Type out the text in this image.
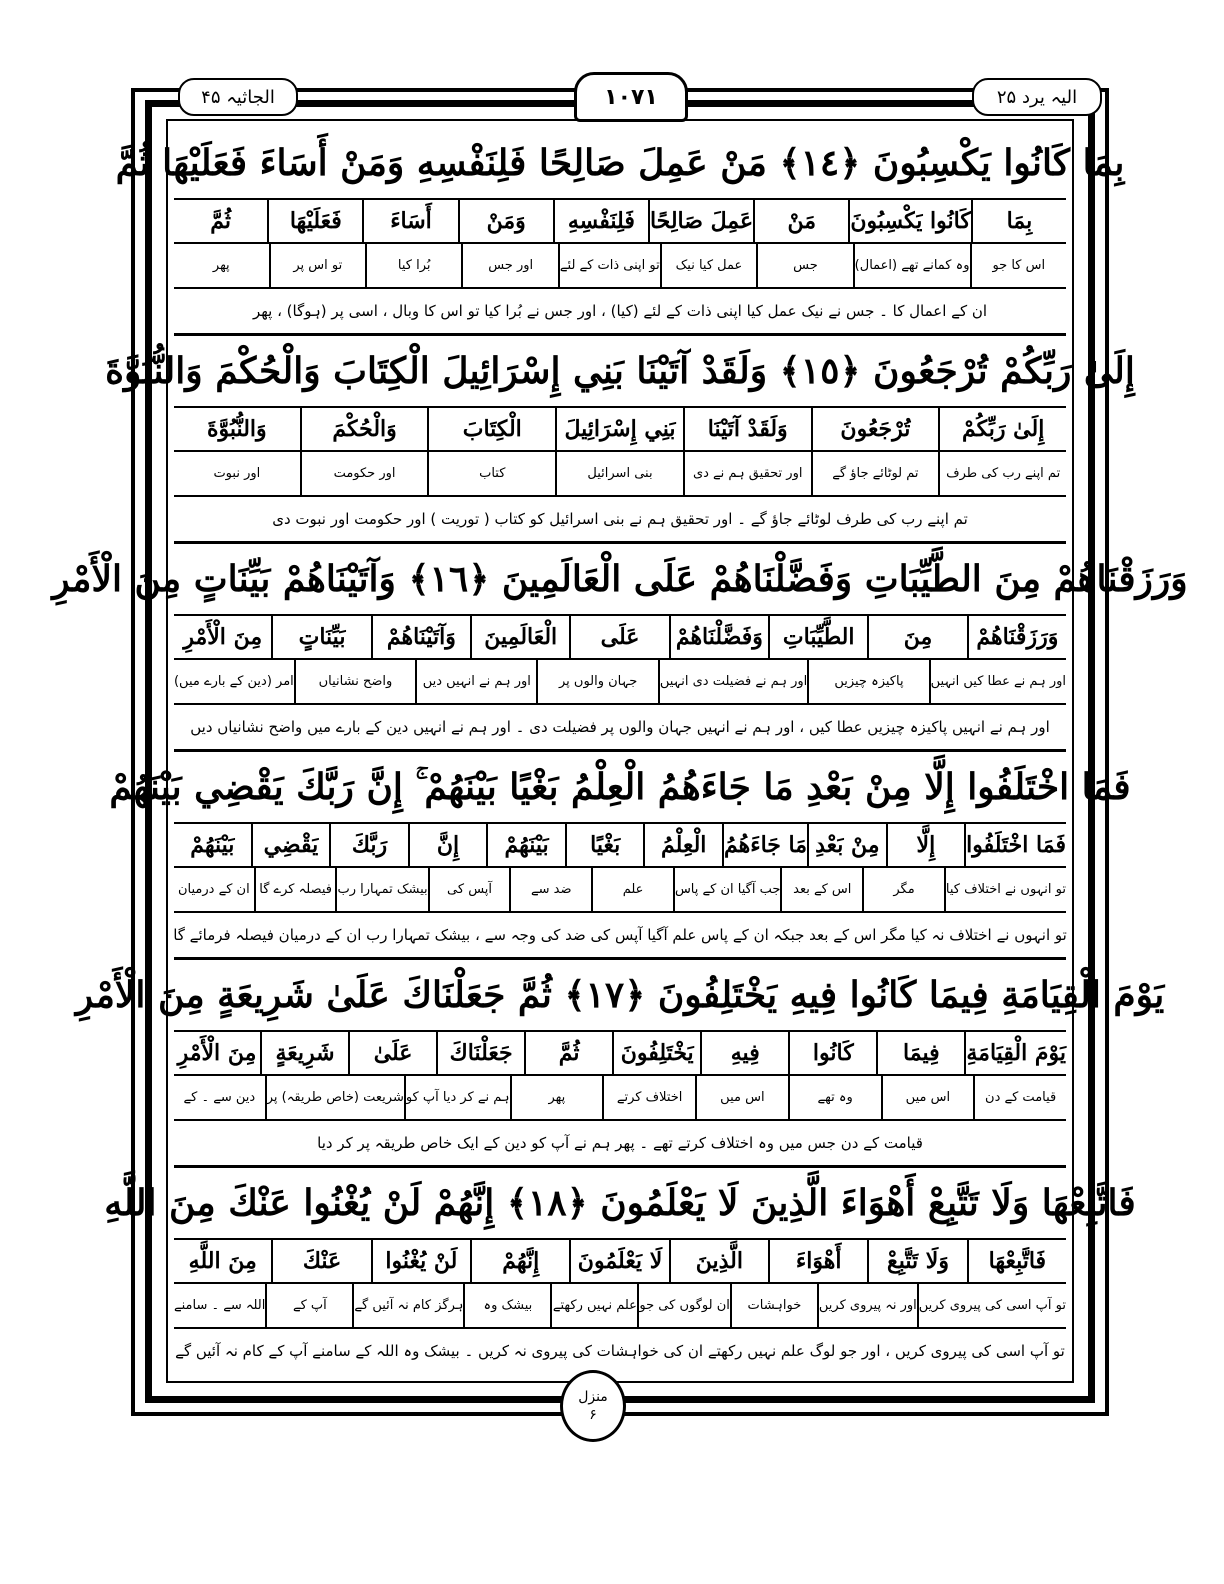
الجاثیہ ۴۵	۱۰۷۱	الیہ یرد ۲۵
بِمَا كَانُوا يَكْسِبُونَ ﴿١٤﴾ مَنْ عَمِلَ صَالِحًا فَلِنَفْسِهِ وَمَنْ أَسَاءَ فَعَلَيْهَا ثُمَّ
بِمَا
كَانُوا يَكْسِبُونَ
مَنْ
عَمِلَ صَالِحًا
فَلِنَفْسِهِ
وَمَنْ
أَسَاءَ
فَعَلَيْهَا
ثُمَّ
اس کا جو
وہ کمانے تھے (اعمال)
جس
عمل کیا نیک
تو اپنی ذات کے لئے
اور جس
بُرا کیا
تو اس پر
پھر
ان کے اعمال کا ۔ جس نے نیک عمل کیا اپنی ذات کے لئے (کیا) ، اور جس نے بُرا کیا تو اس کا وبال ، اسی پر (ہوگا) ، پھر
إِلَىٰ رَبِّكُمْ تُرْجَعُونَ ﴿١٥﴾ وَلَقَدْ آتَيْنَا بَنِي إِسْرَائِيلَ الْكِتَابَ وَالْحُكْمَ وَالنُّبُوَّةَ
إِلَىٰ رَبِّكُمْ
تُرْجَعُونَ
وَلَقَدْ آتَيْنَا
بَنِي إِسْرَائِيلَ
الْكِتَابَ
وَالْحُكْمَ
وَالنُّبُوَّةَ
تم اپنے رب کی طرف
تم لوٹائے جاؤ گے
اور تحقیق ہم نے دی
بنی اسرائیل
کتاب
اور حکومت
اور نبوت
تم اپنے رب کی طرف لوٹائے جاؤ گے ۔ اور تحقیق ہم نے بنی اسرائیل کو کتاب ( توریت ) اور حکومت اور نبوت دی
وَرَزَقْنَاهُمْ مِنَ الطَّيِّبَاتِ وَفَضَّلْنَاهُمْ عَلَى الْعَالَمِينَ ﴿١٦﴾ وَآتَيْنَاهُمْ بَيِّنَاتٍ مِنَ الْأَمْرِ
وَرَزَقْنَاهُمْ
مِنَ
الطَّيِّبَاتِ
وَفَضَّلْنَاهُمْ
عَلَى
الْعَالَمِينَ
وَآتَيْنَاهُمْ
بَيِّنَاتٍ
مِنَ الْأَمْرِ
اور ہم نے عطا کیں انہیں
پاکیزہ چیزیں
اور ہم نے فضیلت دی انہیں
جہان والوں پر
اور ہم نے انہیں دیں
واضح نشانیاں
امر (دین کے بارے میں)
اور ہم نے انہیں پاکیزہ چیزیں عطا کیں ، اور ہم نے انہیں جہان والوں پر فضیلت دی ۔ اور ہم نے انہیں دین کے بارے میں واضح نشانیاں دیں
فَمَا اخْتَلَفُوا إِلَّا مِنْ بَعْدِ مَا جَاءَهُمُ الْعِلْمُ بَغْيًا بَيْنَهُمْ ۚ إِنَّ رَبَّكَ يَقْضِي بَيْنَهُمْ
فَمَا اخْتَلَفُوا
إِلَّا
مِنْ بَعْدِ
مَا جَاءَهُمُ
الْعِلْمُ
بَغْيًا
بَيْنَهُمْ
إِنَّ
رَبَّكَ
يَقْضِي
بَيْنَهُمْ
تو انہوں نے اختلاف کیا
مگر
اس کے بعد
جب آگیا ان کے پاس
علم
ضد سے
آپس کی
بیشک تمہارا رب
فیصلہ کرے گا
ان کے درمیان
تو انہوں نے اختلاف نہ کیا مگر اس کے بعد جبکہ ان کے پاس علم آگیا آپس کی ضد کی وجہ سے ، بیشک تمہارا رب ان کے درمیان فیصلہ فرمائے گا
يَوْمَ الْقِيَامَةِ فِيمَا كَانُوا فِيهِ يَخْتَلِفُونَ ﴿١٧﴾ ثُمَّ جَعَلْنَاكَ عَلَىٰ شَرِيعَةٍ مِنَ الْأَمْرِ
يَوْمَ الْقِيَامَةِ
فِيمَا
كَانُوا
فِيهِ
يَخْتَلِفُونَ
ثُمَّ
جَعَلْنَاكَ
عَلَىٰ
شَرِيعَةٍ
مِنَ الْأَمْرِ
قیامت کے دن
اس میں
وہ تھے
اس میں
اختلاف کرتے
پھر
ہم نے کر دیا آپ کو
شریعت (خاص طریقہ) پر
دین سے ۔ کے
قیامت کے دن جس میں وہ اختلاف کرتے تھے ۔ پھر ہم نے آپ کو دین کے ایک خاص طریقہ پر کر دیا
فَاتَّبِعْهَا وَلَا تَتَّبِعْ أَهْوَاءَ الَّذِينَ لَا يَعْلَمُونَ ﴿١٨﴾ إِنَّهُمْ لَنْ يُغْنُوا عَنْكَ مِنَ اللَّهِ
فَاتَّبِعْهَا
وَلَا تَتَّبِعْ
أَهْوَاءَ
الَّذِينَ
لَا يَعْلَمُونَ
إِنَّهُمْ
لَنْ يُغْنُوا
عَنْكَ
مِنَ اللَّهِ
تو آپ اسی کی پیروی کریں
اور نہ پیروی کریں
خواہشات
ان لوگوں کی جو
علم نہیں رکھتے
بیشک وہ
ہرگز کام نہ آئیں گے
آپ کے
اللہ سے ۔ سامنے
تو آپ اسی کی پیروی کریں ، اور جو لوگ علم نہیں رکھتے ان کی خواہشات کی پیروی نہ کریں ۔ بیشک وہ اللہ کے سامنے آپ کے کام نہ آئیں گے
منزل
۶
